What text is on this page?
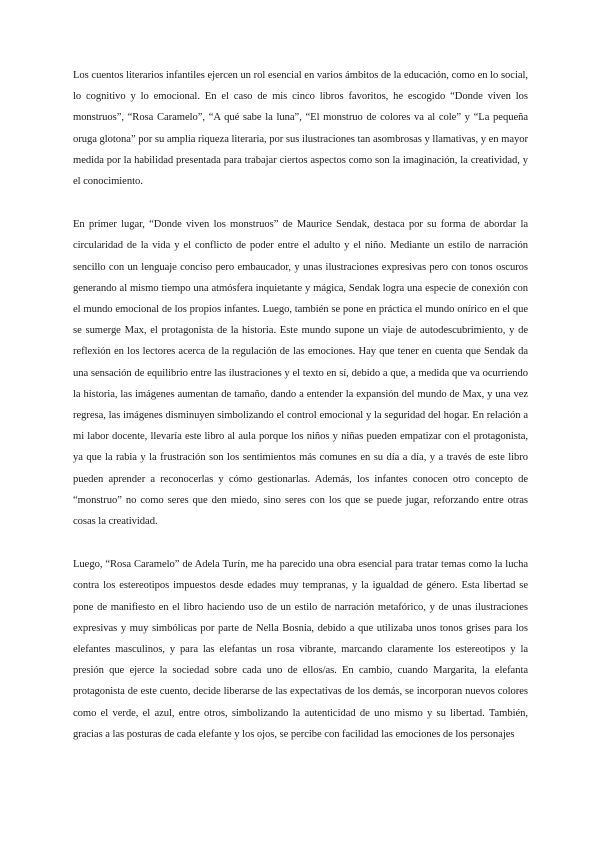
Los cuentos literarios infantiles ejercen un rol esencial en varios ámbitos de la educación, como en lo social, lo cognitivo y lo emocional. En el caso de mis cinco libros favoritos, he escogido “Donde viven los monstruos”, “Rosa Caramelo”, “A qué sabe la luna”, “El monstruo de colores va al cole” y “La pequeña oruga glotona” por su amplia riqueza literaria, por sus ilustraciones tan asombrosas y llamativas, y en mayor medida por la habilidad presentada para trabajar ciertos aspectos como son la imaginación, la creatividad, y el conocimiento.

En primer lugar, “Donde viven los monstruos” de Maurice Sendak, destaca por su forma de abordar la circularidad de la vida y el conflicto de poder entre el adulto y el niño. Mediante un estilo de narración sencillo con un lenguaje conciso pero embaucador, y unas ilustraciones expresivas pero con tonos oscuros generando al mismo tiempo una atmósfera inquietante y mágica, Sendak logra una especie de conexión con el mundo emocional de los propios infantes. Luego, también se pone en práctica el mundo onírico en el que se sumerge Max, el protagonista de la historia. Este mundo supone un viaje de autodescubrimiento, y de reflexión en los lectores acerca de la regulación de las emociones. Hay que tener en cuenta que Sendak da una sensación de equilibrio entre las ilustraciones y el texto en sí, debido a que, a medida que va ocurriendo la historia, las imágenes aumentan de tamaño, dando a entender la expansión del mundo de Max, y una vez regresa, las imágenes disminuyen simbolizando el control emocional y la seguridad del hogar. En relación a mi labor docente, llevaría este libro al aula porque los niños y niñas pueden empatizar con el protagonista, ya que la rabia y la frustración son los sentimientos más comunes en su día a día, y a través de este libro pueden aprender a reconocerlas y cómo gestionarlas. Además, los infantes conocen otro concepto de “monstruo” no como seres que den miedo, sino seres con los que se puede jugar, reforzando entre otras cosas la creatividad.

Luego, “Rosa Caramelo” de Adela Turín, me ha parecido una obra esencial para tratar temas como la lucha contra los estereotipos impuestos desde edades muy tempranas, y la igualdad de género. Esta libertad se pone de manifiesto en el libro haciendo uso de un estilo de narración metafórico, y de unas ilustraciones expresivas y muy simbólicas por parte de Nella Bosnia, debido a que utilizaba unos tonos grises para los elefantes masculinos, y para las elefantas un rosa vibrante, marcando claramente los estereotipos y la presión que ejerce la sociedad sobre cada uno de ellos/as. En cambio, cuando Margarita, la elefanta protagonista de este cuento, decide liberarse de las expectativas de los demás, se incorporan nuevos colores como el verde, el azul, entre otros, simbolizando la autenticidad de uno mismo y su libertad. También, gracias a las posturas de cada elefante y los ojos, se percibe con facilidad las emociones de los personajes
